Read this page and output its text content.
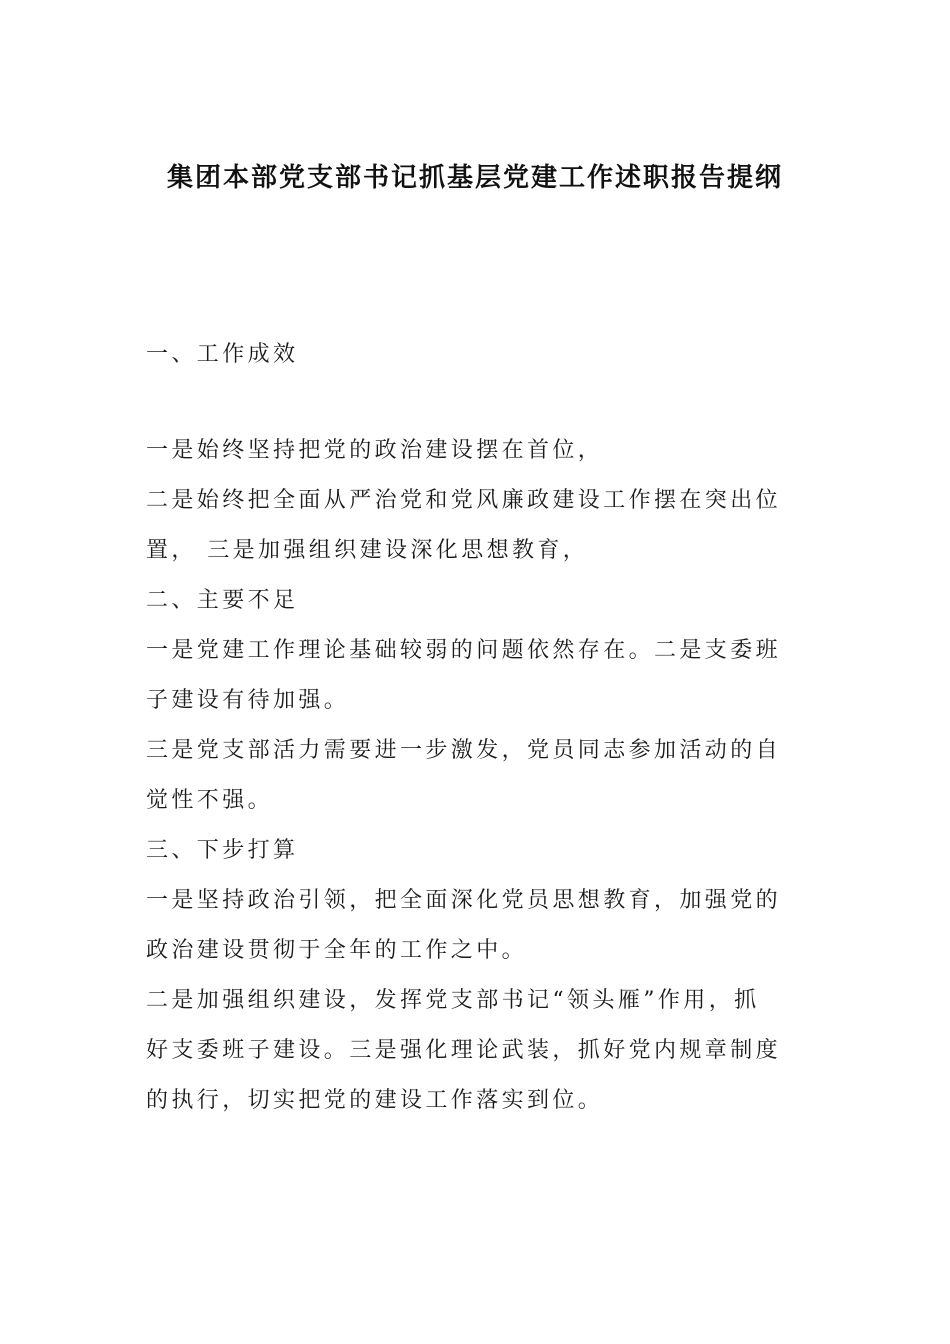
集团本部党支部书记抓基层党建工作述职报告提纲

一、工作成效

一是始终坚持把党的政治建设摆在首位，

二是始终把全面从严治党和党风廉政建设工作摆在突出位
置， 三是加强组织建设深化思想教育，

二、主要不足

一是党建工作理论基础较弱的问题依然存在。二是支委班
子建设有待加强。

三是党支部活力需要进一步激发，党员同志参加活动的自
觉性不强。

三、下步打算

一是坚持政治引领，把全面深化党员思想教育，加强党的
政治建设贯彻于全年的工作之中。

二是加强组织建设，发挥党支部书记“领头雁”作用，抓
好支委班子建设。三是强化理论武装，抓好党内规章制度
的执行，切实把党的建设工作落实到位。
